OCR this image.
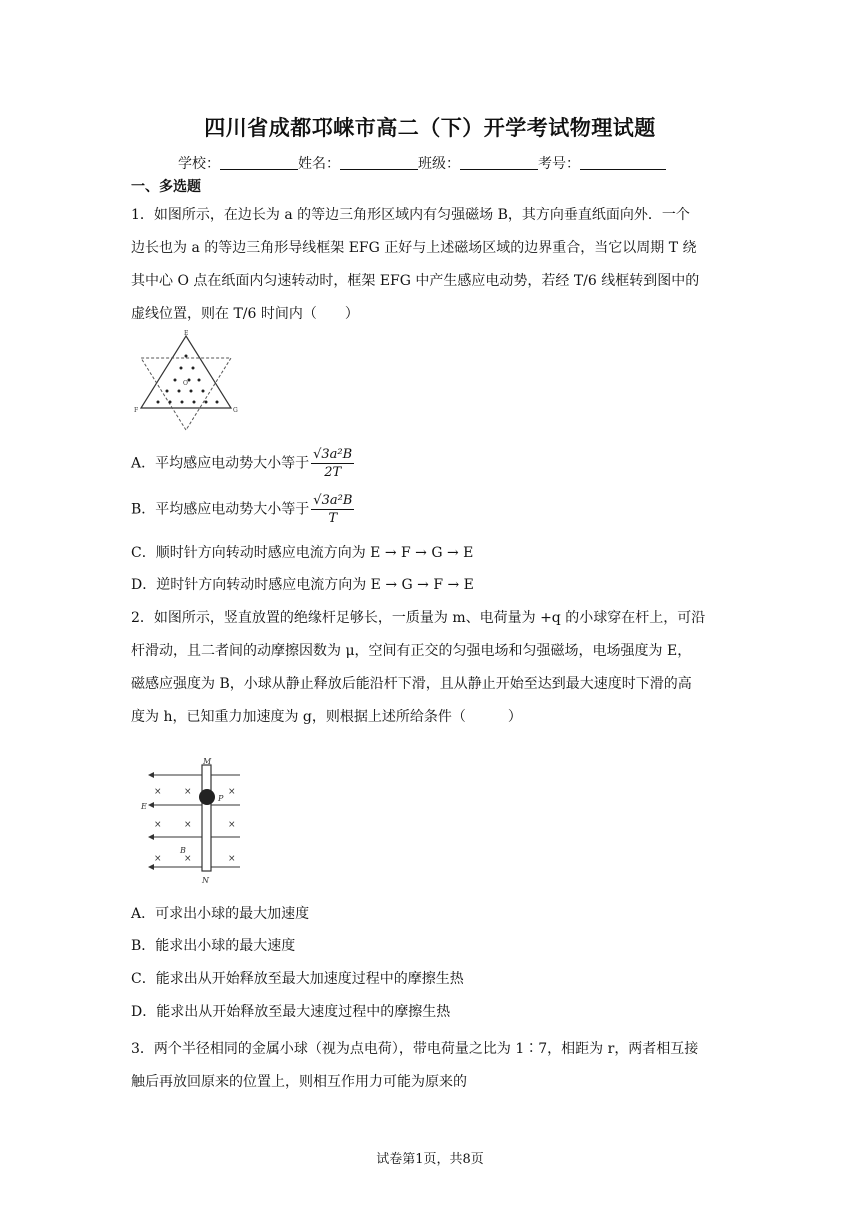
四川省成都邛崃市高二（下）开学考试物理试题
学校：	姓名：	班级：	考号：
一、多选题
1．如图所示，在边长为 a 的等边三角形区域内有匀强磁场 B，其方向垂直纸面向外．一个
边长也为 a 的等边三角形导线框架 EFG 正好与上述磁场区域的边界重合，当它以周期 T 绕
其中心 O 点在纸面内匀速转动时，框架 EFG 中产生感应电动势，若经 T/6 线框转到图中的
虚线位置，则在 T/6 时间内（　　）
E
F	G
O
A．平均感应电动势大小等于 $\frac{\text{√3a²B}}{2T}$
B．平均感应电动势大小等于 $\frac{\text{√3a²B}}{T}$
C．顺时针方向转动时感应电流方向为 E → F → G → E
D．逆时针方向转动时感应电流方向为 E → G → F → E
2．如图所示，竖直放置的绝缘杆足够长，一质量为 m、电荷量为 +q 的小球穿在杆上，可沿
杆滑动，且二者间的动摩擦因数为 μ，空间有正交的匀强电场和匀强磁场，电场强度为 E，
磁感应强度为 B，小球从静止释放后能沿杆下滑，且从静止开始至达到最大速度时下滑的高
度为 h，已知重力加速度为 g，则根据上述所给条件（　　　）
× ×	×
× ×	×
× ×	×
M
P
E
B
N
A．可求出小球的最大加速度
B．能求出小球的最大速度
C．能求出从开始释放至最大加速度过程中的摩擦生热
D．能求出从开始释放至最大速度过程中的摩擦生热
3．两个半径相同的金属小球（视为点电荷），带电荷量之比为 1∶7，相距为 r，两者相互接
触后再放回原来的位置上，则相互作用力可能为原来的
试卷第1页，共8页
